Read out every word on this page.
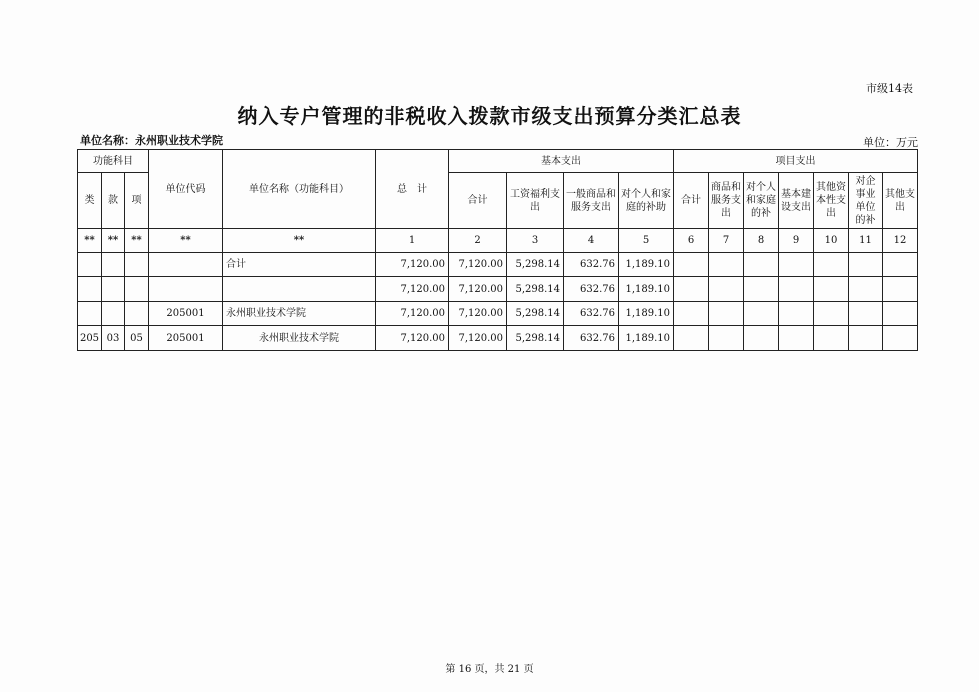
市级14表
纳入专户管理的非税收入拨款市级支出预算分类汇总表
单位名称：永州职业技术学院	单位：万元
功能科目			单位代码	单位名称（功能科目）	总　计	基本支出				项目支出						
类	款	项				合计	工资福利支出	一般商品和服务支出	对个人和家庭的补助	合计	商品和服务支出	对个人和家庭的补	基本建设支出	其他资本性支出	对企事业单位的补	其他支出
**	**	**	**	**	1	2	3	4	5	6	7	8	9	10	11	12
				合计	7,120.00	7,120.00	5,298.14	632.76	1,189.10							
					7,120.00	7,120.00	5,298.14	632.76	1,189.10							
			205001	永州职业技术学院	7,120.00	7,120.00	5,298.14	632.76	1,189.10							
205	03	05	205001	永州职业技术学院	7,120.00	7,120.00	5,298.14	632.76	1,189.10							
第 16 页，共 21 页
